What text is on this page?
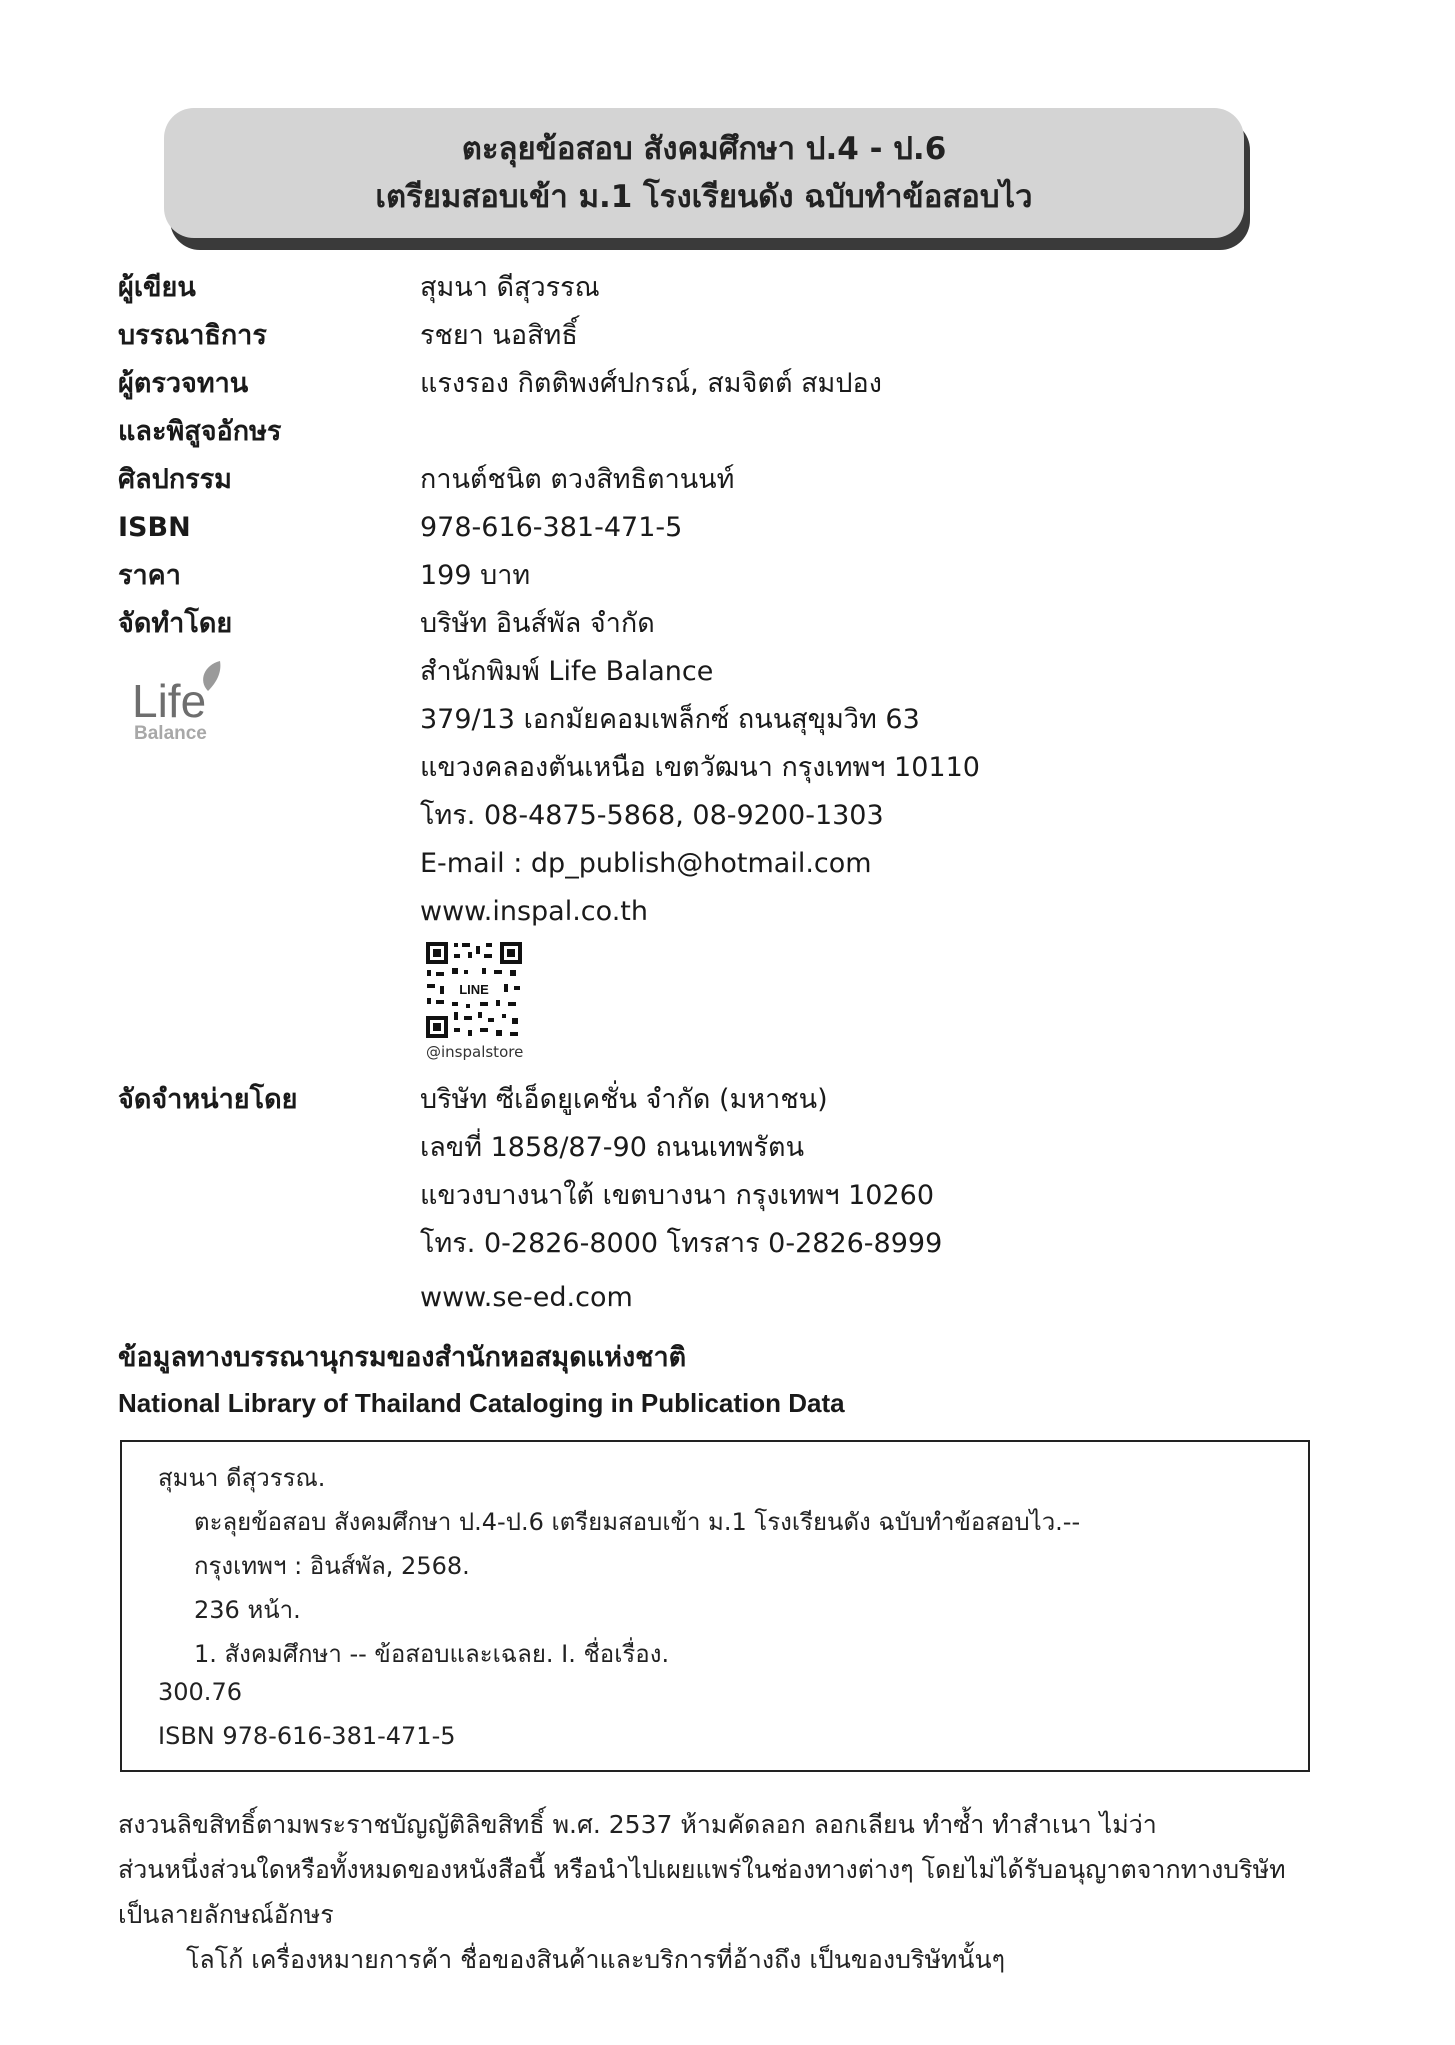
ตะลุยข้อสอบ สังคมศึกษา ป.4 - ป.6
เตรียมสอบเข้า ม.1 โรงเรียนดัง ฉบับทำข้อสอบไว
ผู้เขียน	สุมนา ดีสุวรรณ
บรรณาธิการ	รชยา นอสิทธิ์
ผู้ตรวจทาน	แรงรอง กิตติพงศ์ปกรณ์, สมจิตต์ สมปอง
และพิสูจอักษร
ศิลปกรรม	กานต์ชนิต ตวงสิทธิตานนท์
ISBN	978-616-381-471-5
ราคา	199 บาท
จัดทำโดย	บริษัท อินส์พัล จำกัด
สำนักพิมพ์ Life Balance
379/13 เอกมัยคอมเพล็กซ์ ถนนสุขุมวิท 63
แขวงคลองตันเหนือ เขตวัฒนา กรุงเทพฯ 10110
โทร. 08-4875-5868, 08-9200-1303
E-mail : dp_publish@hotmail.com
www.inspal.co.th
Life
Balance
LINE
@inspalstore
จัดจำหน่ายโดย	บริษัท ซีเอ็ดยูเคชั่น จำกัด (มหาชน)
เลขที่ 1858/87-90 ถนนเทพรัตน
แขวงบางนาใต้ เขตบางนา กรุงเทพฯ 10260
โทร. 0-2826-8000 โทรสาร 0-2826-8999
www.se-ed.com
ข้อมูลทางบรรณานุกรมของสำนักหอสมุดแห่งชาติ
National Library of Thailand Cataloging in Publication Data
สุมนา ดีสุวรรณ.
ตะลุยข้อสอบ สังคมศึกษา ป.4-ป.6 เตรียมสอบเข้า ม.1 โรงเรียนดัง ฉบับทำข้อสอบไว.--
กรุงเทพฯ : อินส์พัล, 2568.
236 หน้า.
1. สังคมศึกษา -- ข้อสอบและเฉลย. I. ชื่อเรื่อง.
300.76
ISBN 978-616-381-471-5
สงวนลิขสิทธิ์ตามพระราชบัญญัติลิขสิทธิ์ พ.ศ. 2537 ห้ามคัดลอก ลอกเลียน ทำซ้ำ ทำสำเนา ไม่ว่า
ส่วนหนึ่งส่วนใดหรือทั้งหมดของหนังสือนี้ หรือนำไปเผยแพร่ในช่องทางต่างๆ โดยไม่ได้รับอนุญาตจากทางบริษัท
เป็นลายลักษณ์อักษร
โลโก้ เครื่องหมายการค้า ชื่อของสินค้าและบริการที่อ้างถึง เป็นของบริษัทนั้นๆ
